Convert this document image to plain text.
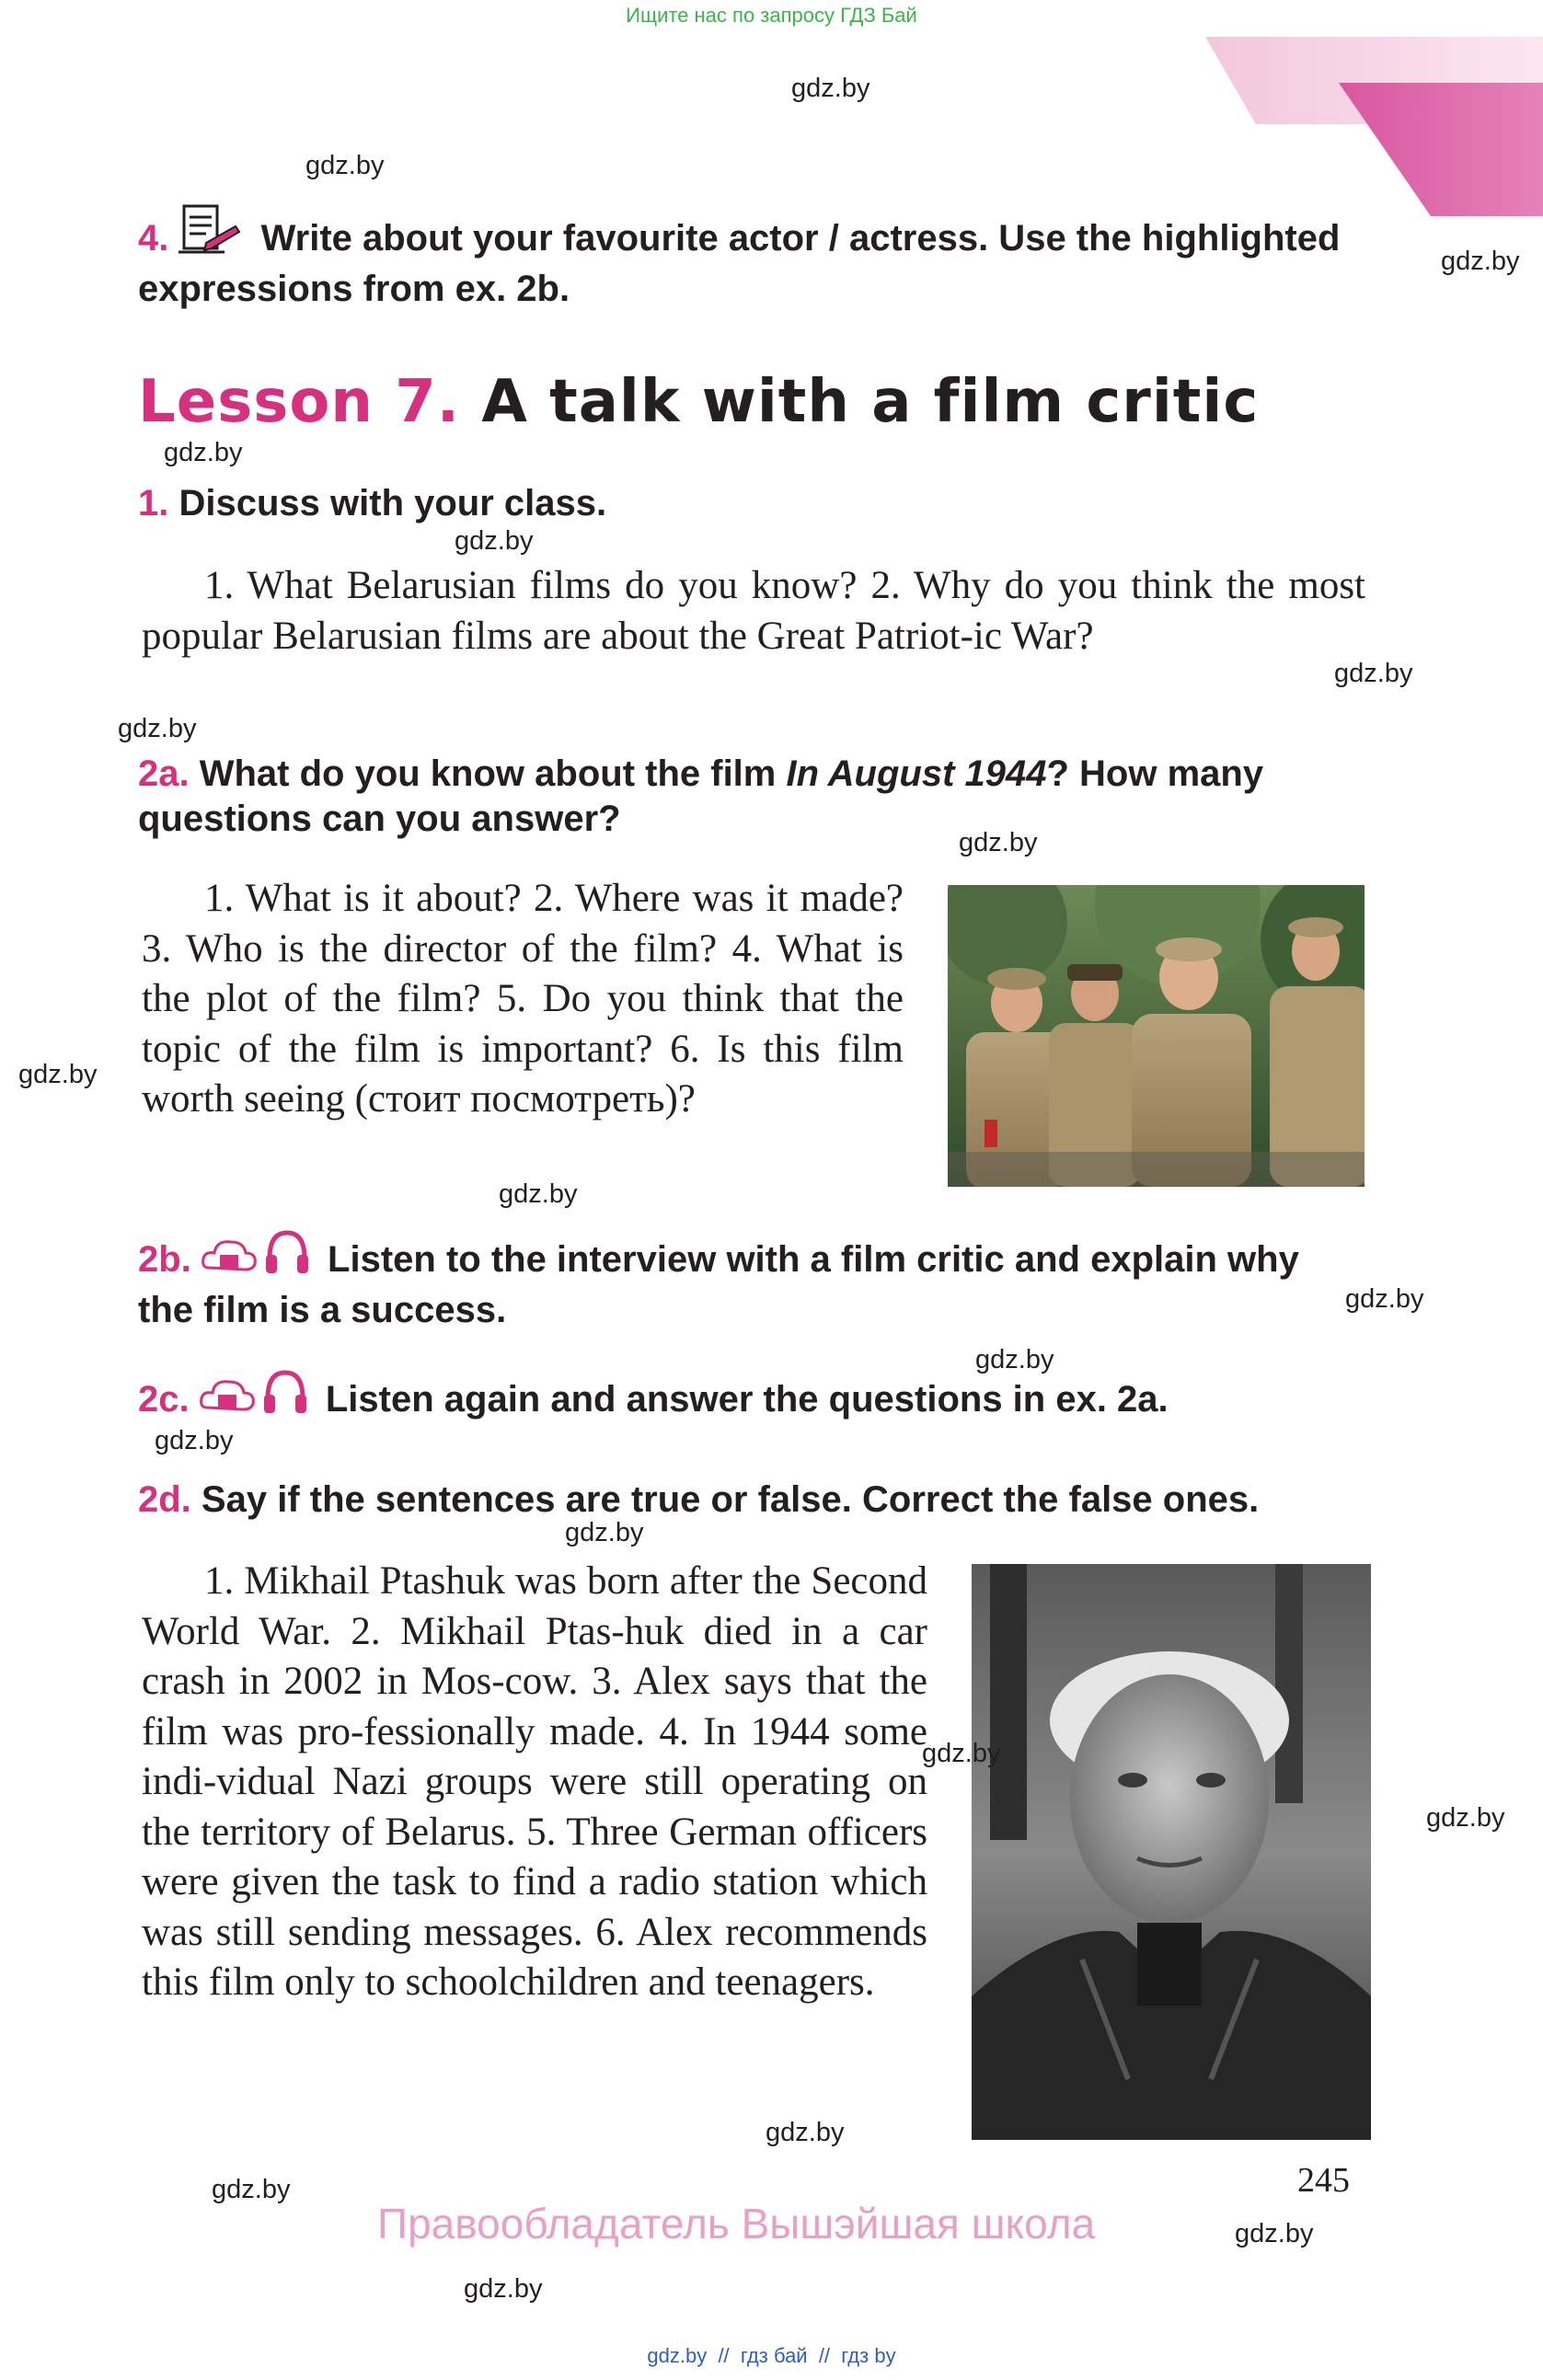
Ищите нас по запросу ГДЗ Бай
4.	Write about your favourite actor / actress. Use the highlighted expressions from ex. 2b.
Lesson 7. A talk with a film critic
1. Discuss with your class.
1. What Belarusian films do you know? 2. Why do you think the most popular Belarusian films are about the Great Patriot-ic War?
2a. What do you know about the film In August 1944? How many questions can you answer?
1. What is it about? 2. Where was it made? 3. Who is the director of the film? 4. What is the plot of the film? 5. Do you think that the topic of the film is important? 6. Is this film worth seeing (стоит посмотреть)?
2b.	Listen to the interview with a film critic and explain why the film is a success.
2c.	Listen again and answer the questions in ex. 2a.
2d. Say if the sentences are true or false. Correct the false ones.
1. Mikhail Ptashuk was born after the Second World War. 2. Mikhail Ptas-huk died in a car crash in 2002 in Mos-cow. 3. Alex says that the film was pro-fessionally made. 4. In 1944 some indi-vidual Nazi groups were still operating on the territory of Belarus. 5. Three German officers were given the task to find a radio station which was still sending messages. 6. Alex recommends this film only to schoolchildren and teenagers.
245
Правообладатель Вышэйшая школа
gdz.by  //  гдз бай  //  гдз by
gdz.by
gdz.by
gdz.by
gdz.by
gdz.by
gdz.by
gdz.by
gdz.by
gdz.by
gdz.by
gdz.by
gdz.by
gdz.by
gdz.by
gdz.by
gdz.by
gdz.by
gdz.by
gdz.by
gdz.by
